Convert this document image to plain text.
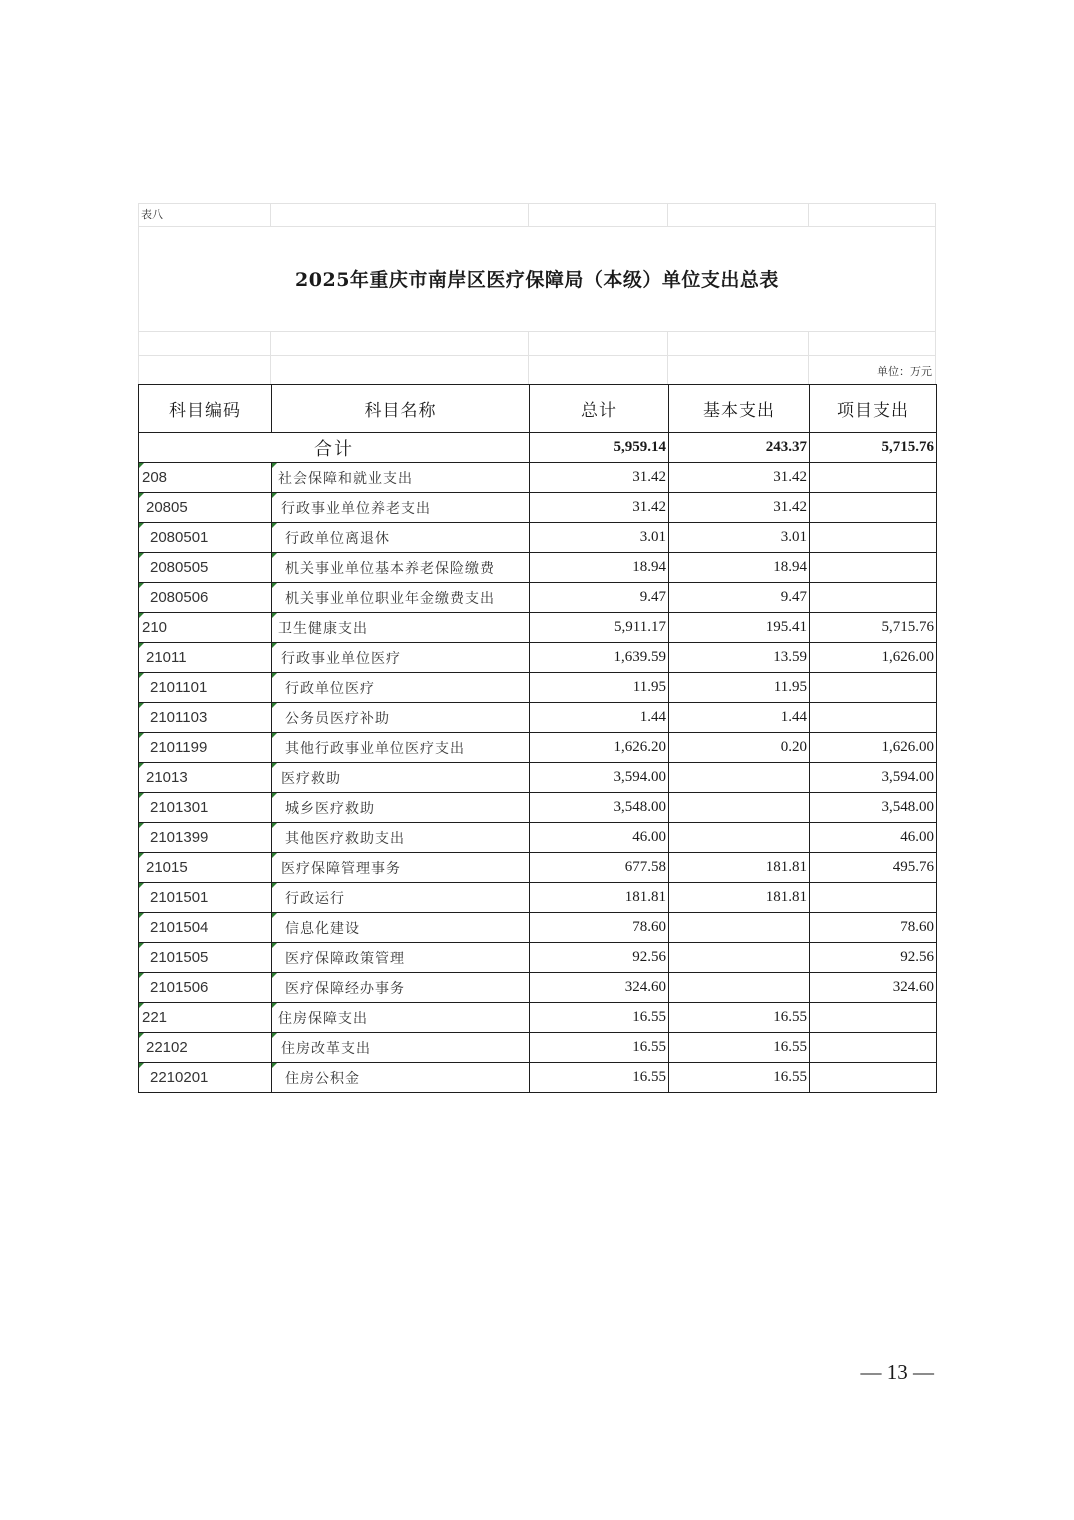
表八
2025年重庆市南岸区医疗保障局（本级）单位支出总表
单位：万元
科目编码	科目名称	总计	基本支出	项目支出
合计		5,959.14	243.37	5,715.76
208	社会保障和就业支出	31.42	31.42	
20805	行政事业单位养老支出	31.42	31.42	
2080501	行政单位离退休	3.01	3.01	
2080505	机关事业单位基本养老保险缴费	18.94	18.94	
2080506	机关事业单位职业年金缴费支出	9.47	9.47	
210	卫生健康支出	5,911.17	195.41	5,715.76
21011	行政事业单位医疗	1,639.59	13.59	1,626.00
2101101	行政单位医疗	11.95	11.95	
2101103	公务员医疗补助	1.44	1.44	
2101199	其他行政事业单位医疗支出	1,626.20	0.20	1,626.00
21013	医疗救助	3,594.00		3,594.00
2101301	城乡医疗救助	3,548.00		3,548.00
2101399	其他医疗救助支出	46.00		46.00
21015	医疗保障管理事务	677.58	181.81	495.76
2101501	行政运行	181.81	181.81	
2101504	信息化建设	78.60		78.60
2101505	医疗保障政策管理	92.56		92.56
2101506	医疗保障经办事务	324.60		324.60
221	住房保障支出	16.55	16.55	
22102	住房改革支出	16.55	16.55	
2210201	住房公积金	16.55	16.55	
— 13 —
